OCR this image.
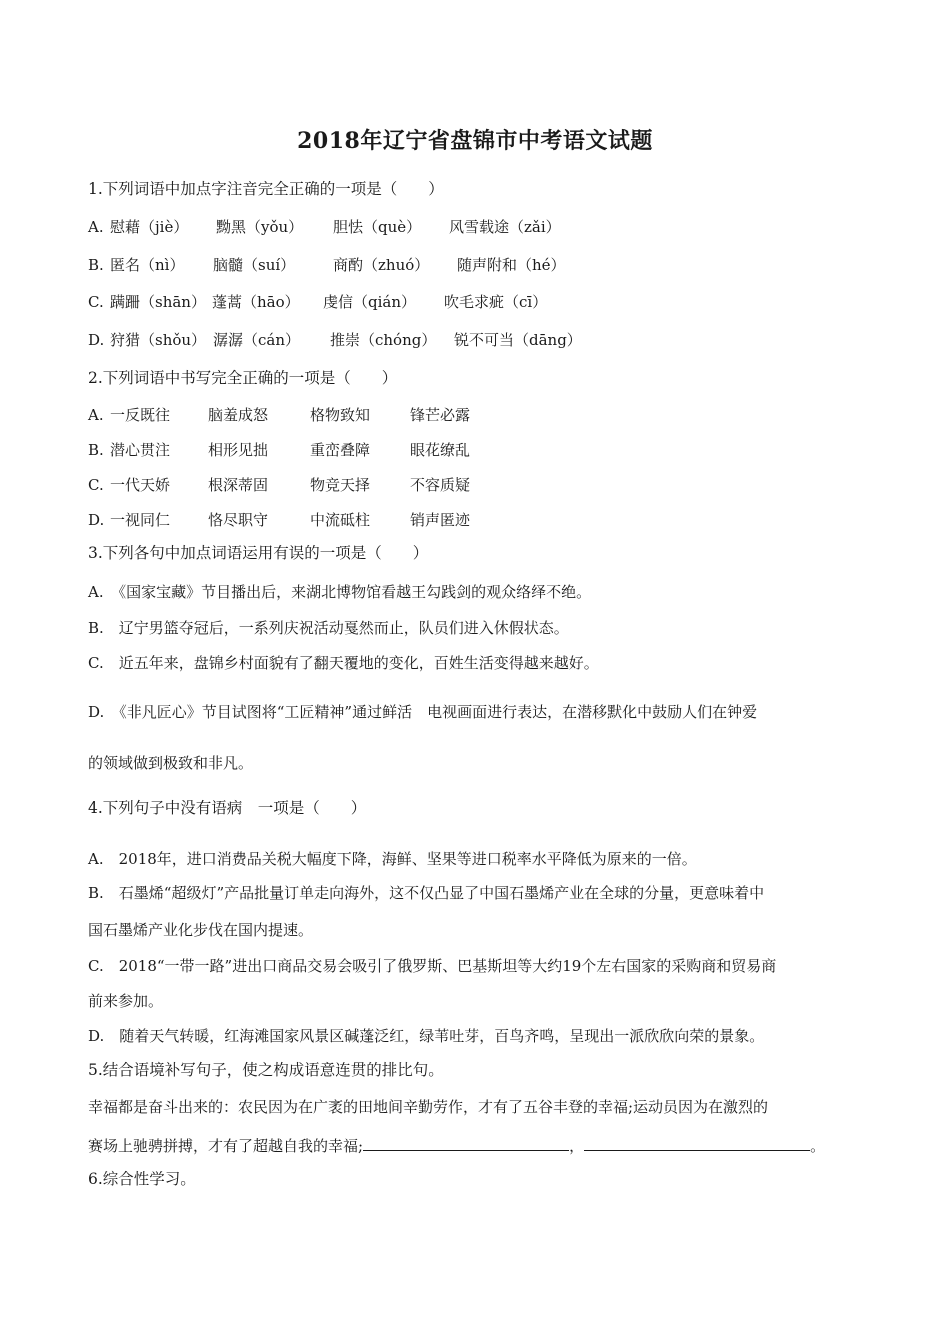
2018年辽宁省盘锦市中考语文试题
1.下列词语中加点字注音完全正确的一项是（　　）
A. 慰藉（jiè）	黝黑（yǒu）	胆怯（què）	风雪载途（zǎi）
B. 匿名（nì）	脑髓（suí）	商酌（zhuó）	随声附和（hé）
C. 蹒跚（shān） 蓬蒿（hāo）	虔信（qián）	吹毛求疵（cī）
D. 狩猎（shǒu） 潺潺（cán）	推崇（chóng）	锐不可当（dāng）
2.下列词语中书写完全正确的一项是（　　）
A. 一反既往	脑羞成怒	格物致知	锋芒必露
B. 潜心贯注	相形见拙	重峦叠障	眼花缭乱
C. 一代天娇	根深蒂固	物竞天择	不容质疑
D. 一视同仁	恪尽职守	中流砥柱	销声匿迹
3.下列各句中加点词语运用有误的一项是（　　）
A.　《国家宝藏》节目播出后，来湖北博物馆看越王勾践剑的观众络绎不绝。
B.　辽宁男篮夺冠后，一系列庆祝活动戛然而止，队员们进入休假状态。
C.　近五年来，盘锦乡村面貌有了翻天覆地的变化，百姓生活变得越来越好。
D.　《非凡匠心》节目试图将“工匠精神”通过鲜活　电视画面进行表达，在潜移默化中鼓励人们在钟爱
的领域做到极致和非凡。
4.下列句子中没有语病　一项是（　　）
A.　2018年，进口消费品关税大幅度下降，海鲜、坚果等进口税率水平降低为原来的一倍。
B.　石墨烯“超级灯”产品批量订单走向海外，这不仅凸显了中国石墨烯产业在全球的分量，更意味着中
国石墨烯产业化步伐在国内提速。
C.　2018“一带一路”进出口商品交易会吸引了俄罗斯、巴基斯坦等大约19个左右国家的采购商和贸易商
前来参加。
D.　随着天气转暖，红海滩国家风景区碱蓬泛红，绿苇吐芽，百鸟齐鸣，呈现出一派欣欣向荣的景象。
5.结合语境补写句子，使之构成语意连贯的排比句。
幸福都是奋斗出来的：农民因为在广袤的田地间辛勤劳作，才有了五谷丰登的幸福;运动员因为在激烈的
赛场上驰骋拼搏，才有了超越自我的幸福;	，	。
6.综合性学习。
